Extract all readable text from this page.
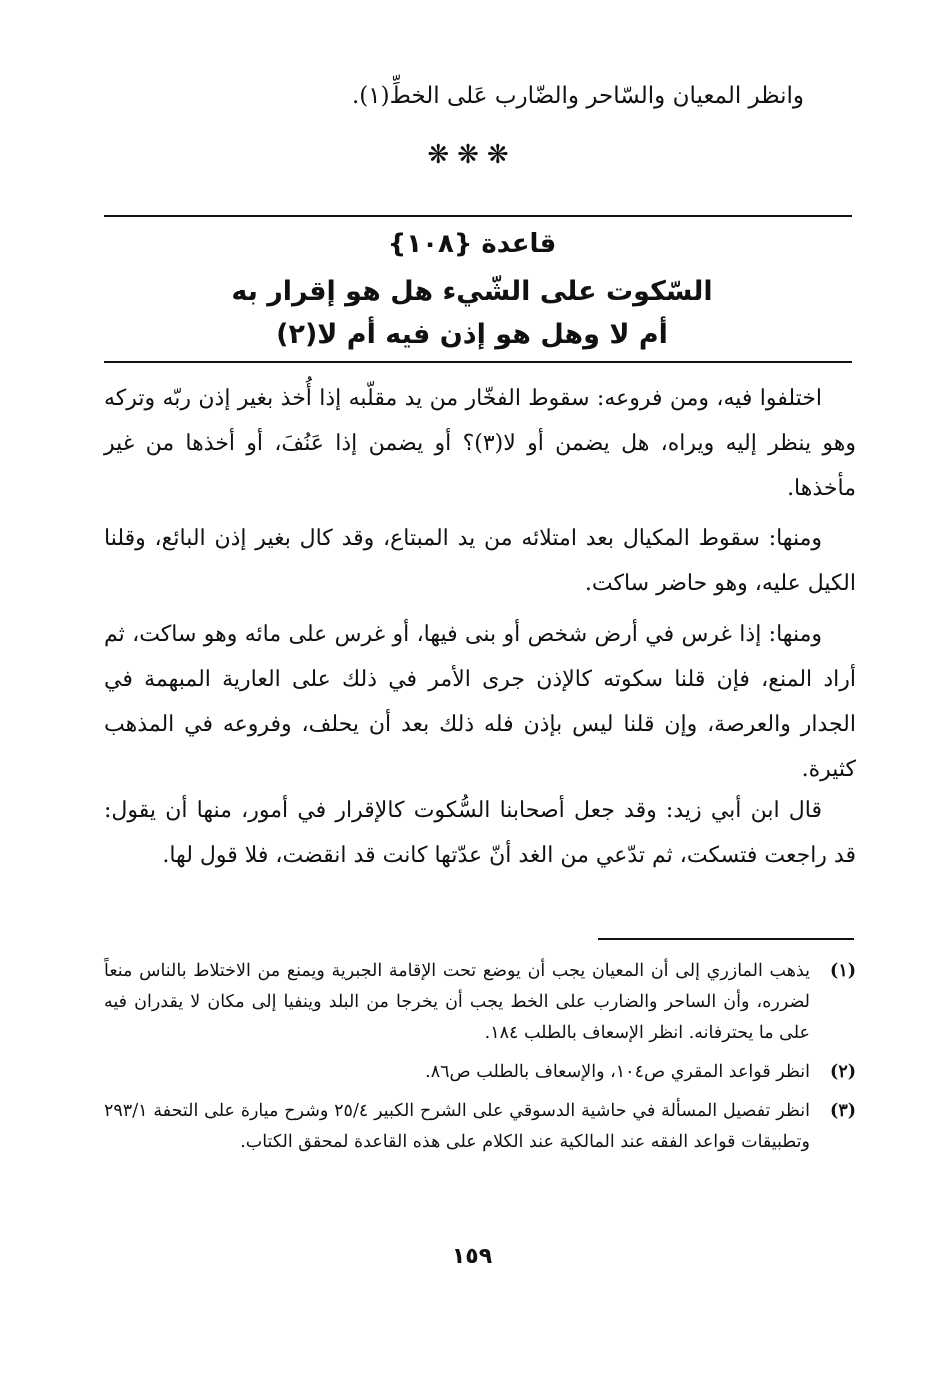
وانظر المعيان والسّاحر والضّارب عَلى الخطِّ(١).
❋❋❋
قاعدة {١٠٨}
السّكوت على الشّيء هل هو إقرار به
أم لا وهل هو إذن فيه أم لا(٢)
اختلفوا فيه، ومن فروعه: سقوط الفخّار من يد مقلّبه إذا أُخذ بغير إذن ربّه وتركه وهو ينظر إليه ويراه، هل يضمن أو لا(٣)؟ أو يضمن إذا عَنُفَ، أو أخذها من غير مأخذها.
ومنها: سقوط المكيال بعد امتلائه من يد المبتاع، وقد كال بغير إذن البائع، وقلنا الكيل عليه، وهو حاضر ساكت.
ومنها: إذا غرس في أرض شخص أو بنى فيها، أو غرس على مائه وهو ساكت، ثم أراد المنع، فإن قلنا سكوته كالإذن جرى الأمر في ذلك على العارية المبهمة في الجدار والعرصة، وإن قلنا ليس بإذن فله ذلك بعد أن يحلف، وفروعه في المذهب كثيرة.
قال ابن أبي زيد: وقد جعل أصحابنا السُّكوت كالإقرار في أمور، منها أن يقول: قد راجعت فتسكت، ثم تدّعي من الغد أنّ عدّتها كانت قد انقضت، فلا قول لها.
(١)
يذهب المازري إلى أن المعيان يجب أن يوضع تحت الإقامة الجبرية ويمنع من الاختلاط بالناس منعاً لضرره، وأن الساحر والضارب على الخط يجب أن يخرجا من البلد وينفيا إلى مكان لا يقدران فيه على ما يحترفانه. انظر الإسعاف بالطلب ١٨٤.
(٢)
انظر قواعد المقري ص١٠٤، والإسعاف بالطلب ص٨٦.
(٣)
انظر تفصيل المسألة في حاشية الدسوقي على الشرح الكبير ٢٥/٤ وشرح ميارة على التحفة ٢٩٣/١ وتطبيقات قواعد الفقه عند المالكية عند الكلام على هذه القاعدة لمحقق الكتاب.
١٥٩
